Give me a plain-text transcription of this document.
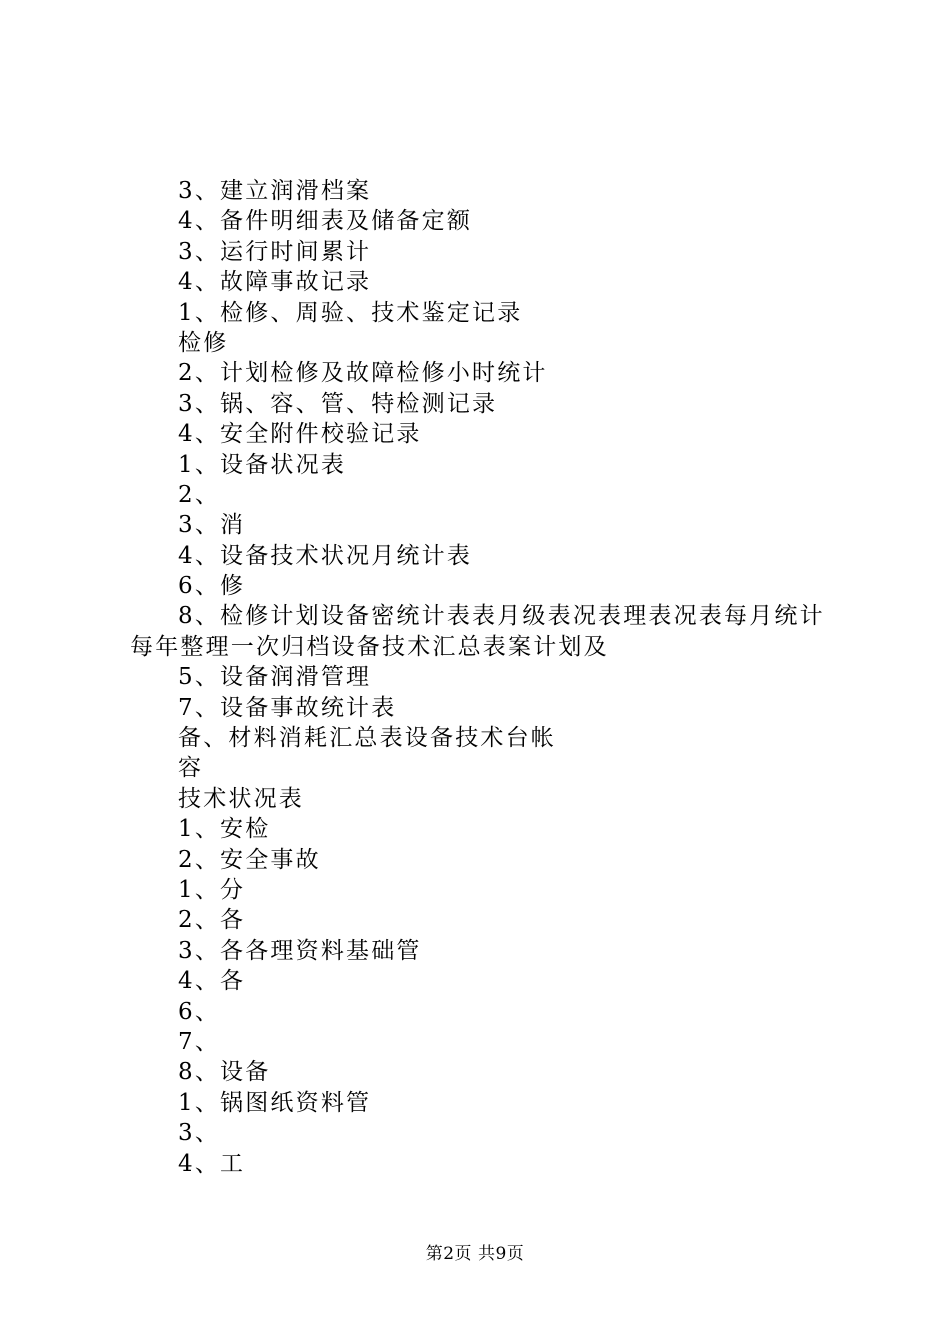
3、建立润滑档案
4、备件明细表及储备定额
3、运行时间累计
4、故障事故记录
1、检修、周验、技术鉴定记录
检修
2、计划检修及故障检修小时统计
3、锅、容、管、特检测记录
4、安全附件校验记录
1、设备状况表
2、
3、消
4、设备技术状况月统计表
6、修
8、检修计划设备密统计表表月级表况表理表况表每月统计
每年整理一次归档设备技术汇总表案计划及
5、设备润滑管理
7、设备事故统计表
备、材料消耗汇总表设备技术台帐
容
技术状况表
1、安检
2、安全事故
1、分
2、各
3、各各理资料基础管
4、各
6、
7、
8、设备
1、锅图纸资料管
3、
4、工
第2页 共9页
